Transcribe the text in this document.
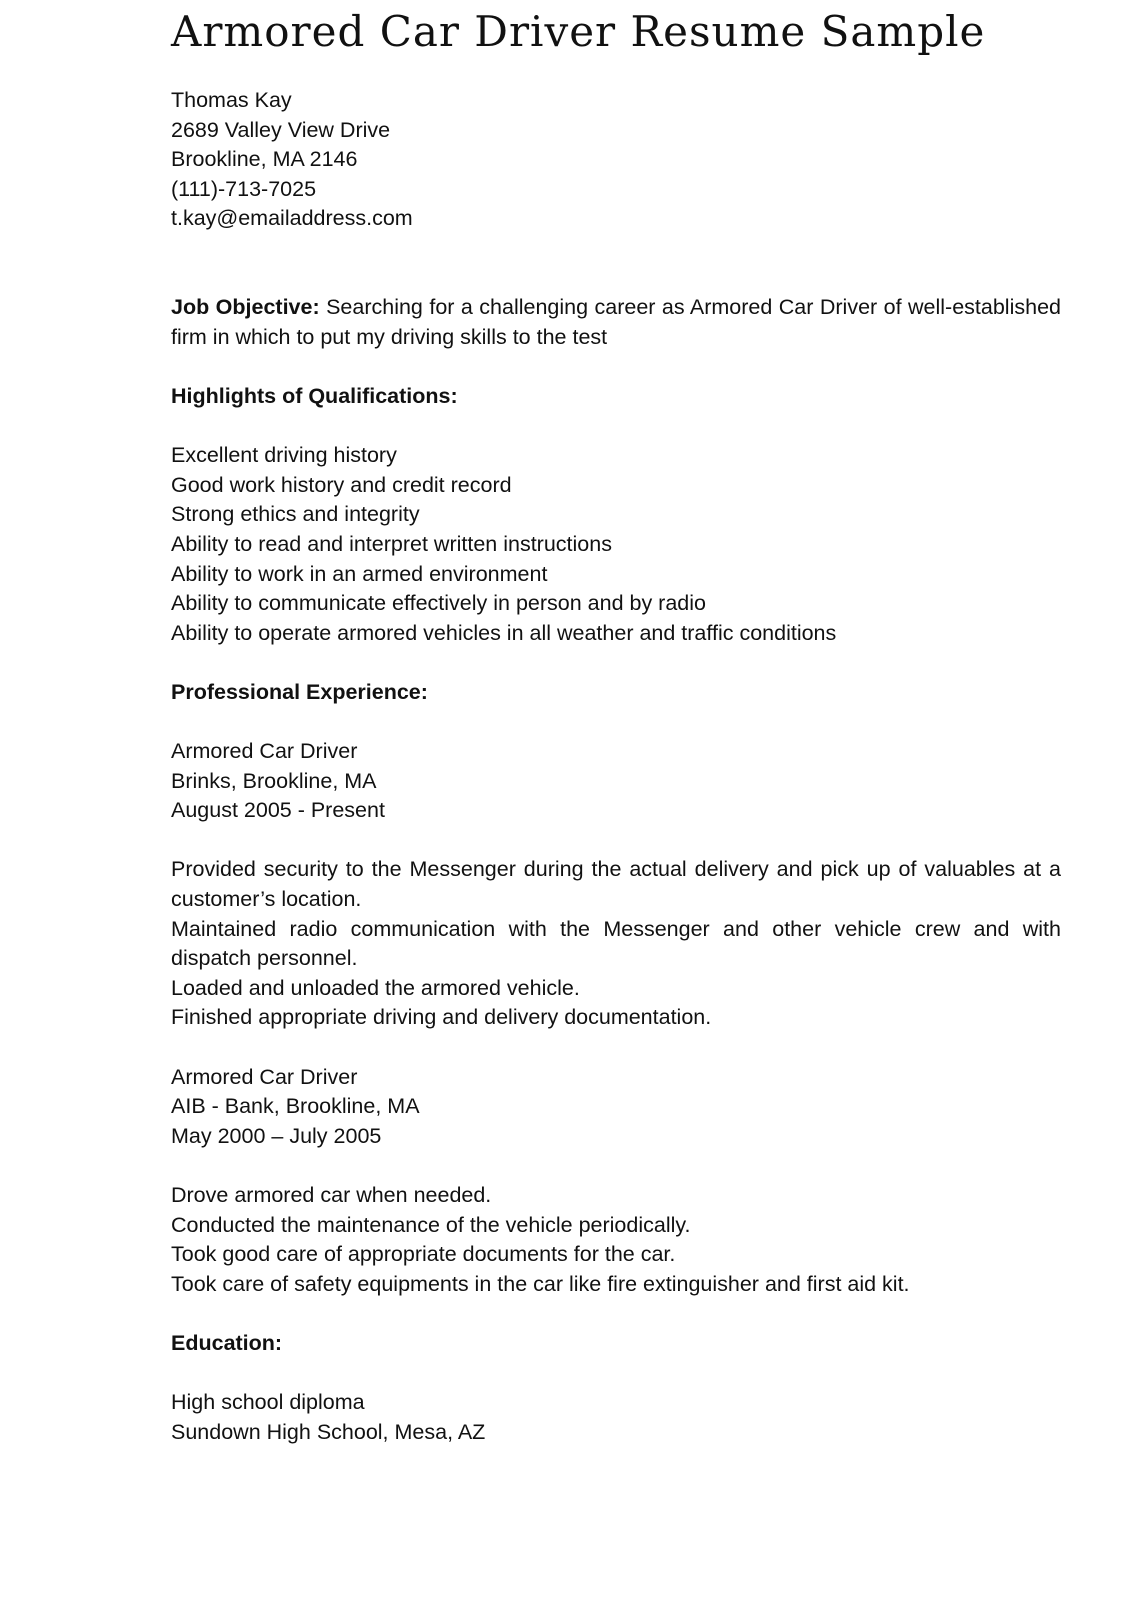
Armored Car Driver Resume Sample
Thomas Kay
2689 Valley View Drive
Brookline, MA 2146
(111)-713-7025
t.kay@emailaddress.com
Job Objective: Searching for a challenging career as Armored Car Driver of well-established firm in which to put my driving skills to the test
Highlights of Qualifications:
Excellent driving history
Good work history and credit record
Strong ethics and integrity
Ability to read and interpret written instructions
Ability to work in an armed environment
Ability to communicate effectively in person and by radio
Ability to operate armored vehicles in all weather and traffic conditions
Professional Experience:
Armored Car Driver
Brinks, Brookline, MA
August 2005 - Present
Provided security to the Messenger during the actual delivery and pick up of valuables at a customer’s location.
Maintained radio communication with the Messenger and other vehicle crew and with dispatch personnel.
Loaded and unloaded the armored vehicle.
Finished appropriate driving and delivery documentation.
Armored Car Driver
AIB - Bank, Brookline, MA
May 2000 – July 2005
Drove armored car when needed.
Conducted the maintenance of the vehicle periodically.
Took good care of appropriate documents for the car.
Took care of safety equipments in the car like fire extinguisher and first aid kit.
Education:
High school diploma
Sundown High School, Mesa, AZ
